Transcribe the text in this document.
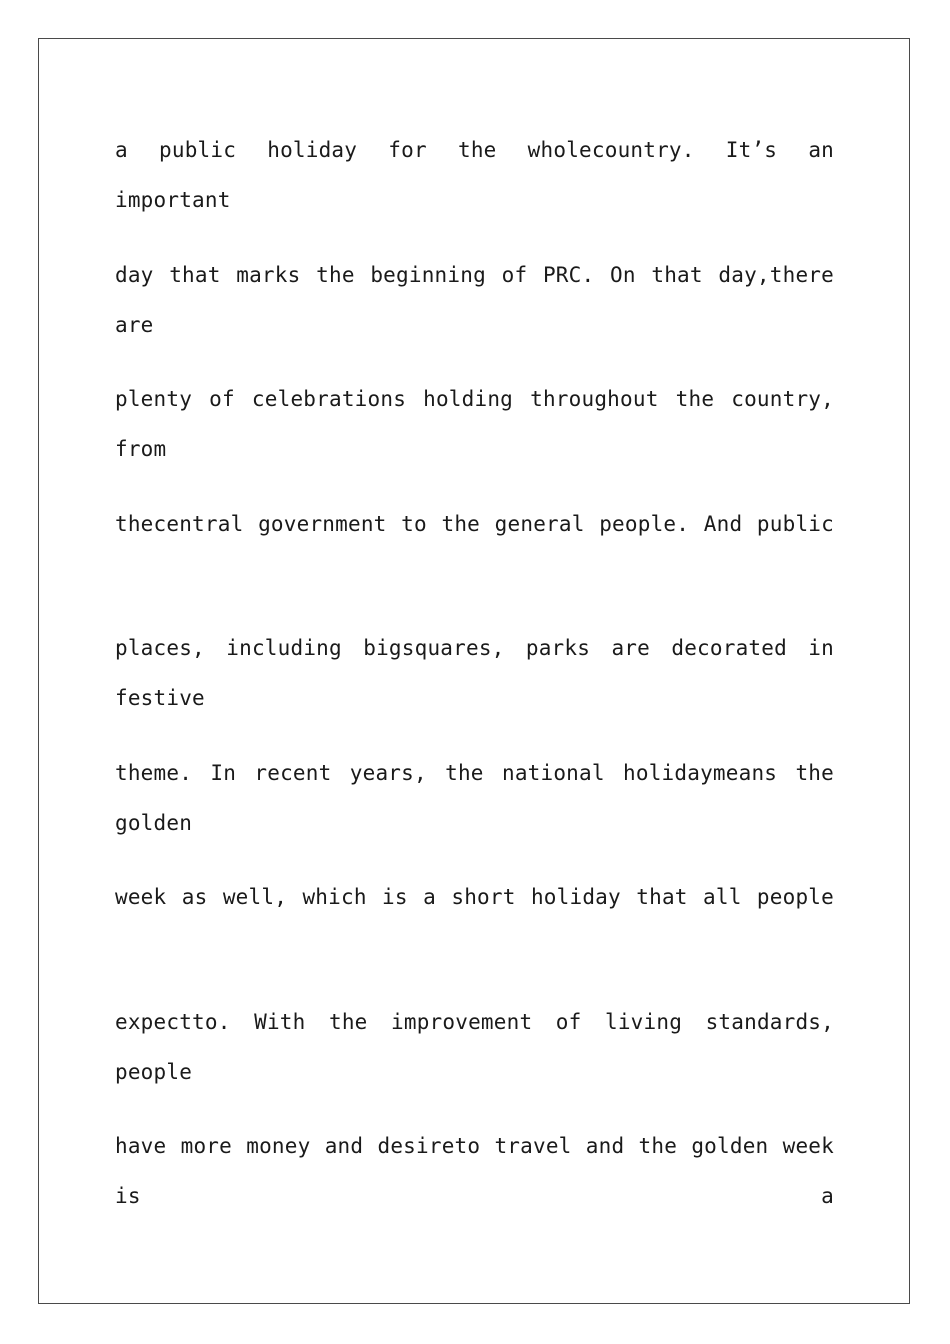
a public holiday for the wholecountry. It’s an important
day that marks the beginning of PRC. On that day,there are
plenty of celebrations holding throughout the country, from
thecentral government to the general people. And public
places, including bigsquares, parks are decorated in festive
theme. In recent years, the national holidaymeans the golden
week as well, which is a short holiday that all people
expectto. With the improvement of living standards, people
have more money and desireto travel and the golden week is a
